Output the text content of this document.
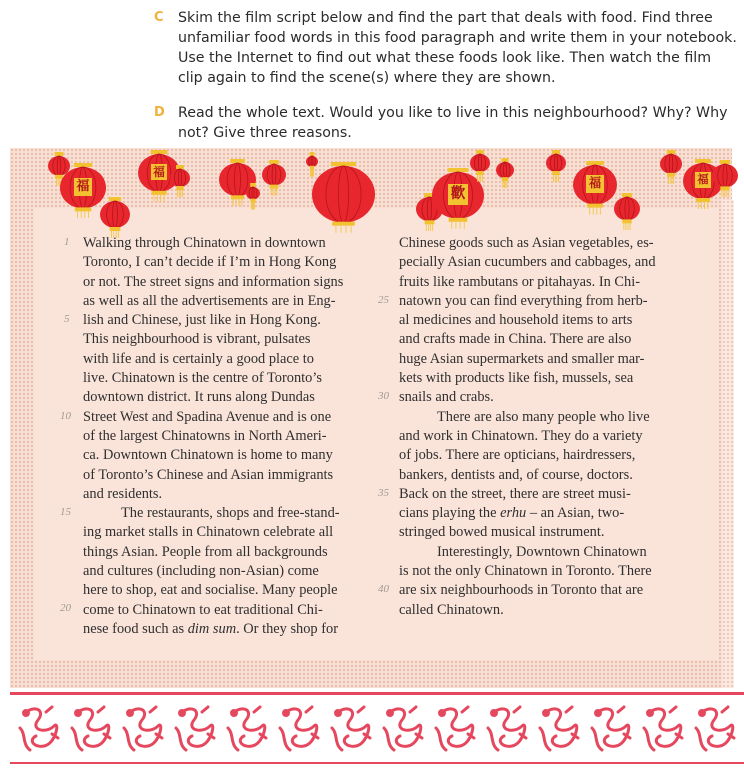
C Skim the film script below and find the part that deals with food. Find three unfamiliar food words in this food paragraph and write them in your notebook. Use the Internet to find out what these foods look like. Then watch the film clip again to find the scene(s) where they are shown.
D Read the whole text. Would you like to live in this neighbourhood? Why? Why not? Give three reasons.
福
福
歡
福	福
Walking through Chinatown in downtown
Toronto, I can’t decide if I’m in Hong Kong
or not. The street signs and information signs
as well as all the advertisements are in Eng-
lish and Chinese, just like in Hong Kong.
This neighbourhood is vibrant, pulsates
with life and is certainly a good place to
live. Chinatown is the centre of Toronto’s
downtown district. It runs along Dundas
Street West and Spadina Avenue and is one
of the largest Chinatowns in North Ameri-
ca. Downtown Chinatown is home to many
of Toronto’s Chinese and Asian immigrants
and residents.
The restaurants, shops and free-stand-
ing market stalls in Chinatown celebrate all
things Asian. People from all backgrounds
and cultures (including non-Asian) come
here to shop, eat and socialise. Many people
come to Chinatown to eat traditional Chi-
nese food such as dim sum. Or they shop for
Chinese goods such as Asian vegetables, es-
pecially Asian cucumbers and cabbages, and
fruits like rambutans or pitahayas. In Chi-
natown you can find everything from herb-
al medicines and household items to arts
and crafts made in China. There are also
huge Asian supermarkets and smaller mar-
kets with products like fish, mussels, sea
snails and crabs.
There are also many people who live
and work in Chinatown. They do a variety
of jobs. There are opticians, hairdressers,
bankers, dentists and, of course, doctors.
Back on the street, there are street musi-
cians playing the erhu – an Asian, two-
stringed bowed musical instrument.
Interestingly, Downtown Chinatown
is not the only Chinatown in Toronto. There
are six neighbourhoods in Toronto that are
called Chinatown.
1
5
10
15
20
25
30
35
40
